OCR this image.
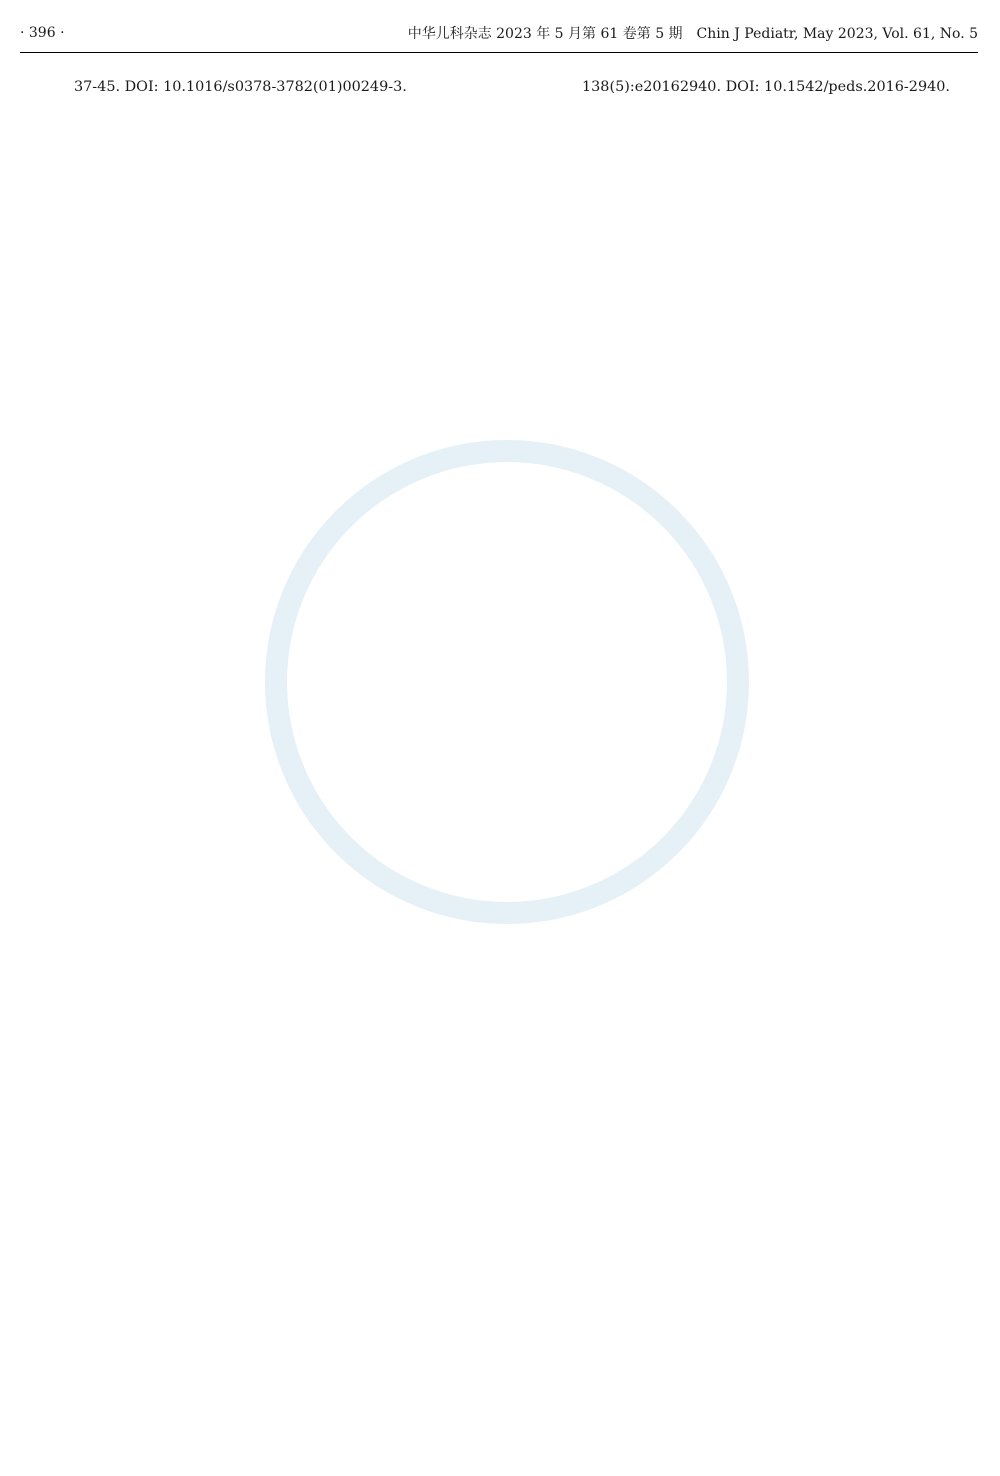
· 396 ·	中华儿科杂志 2023 年 5 月第 61 卷第 5 期　Chin J Pediatr, May 2023, Vol. 61, No. 5
37-45. DOI: 10.1016/s0378-3782(01)00249-3.	138(5):e20162940. DOI: 10.1542/peds.2016-2940.
